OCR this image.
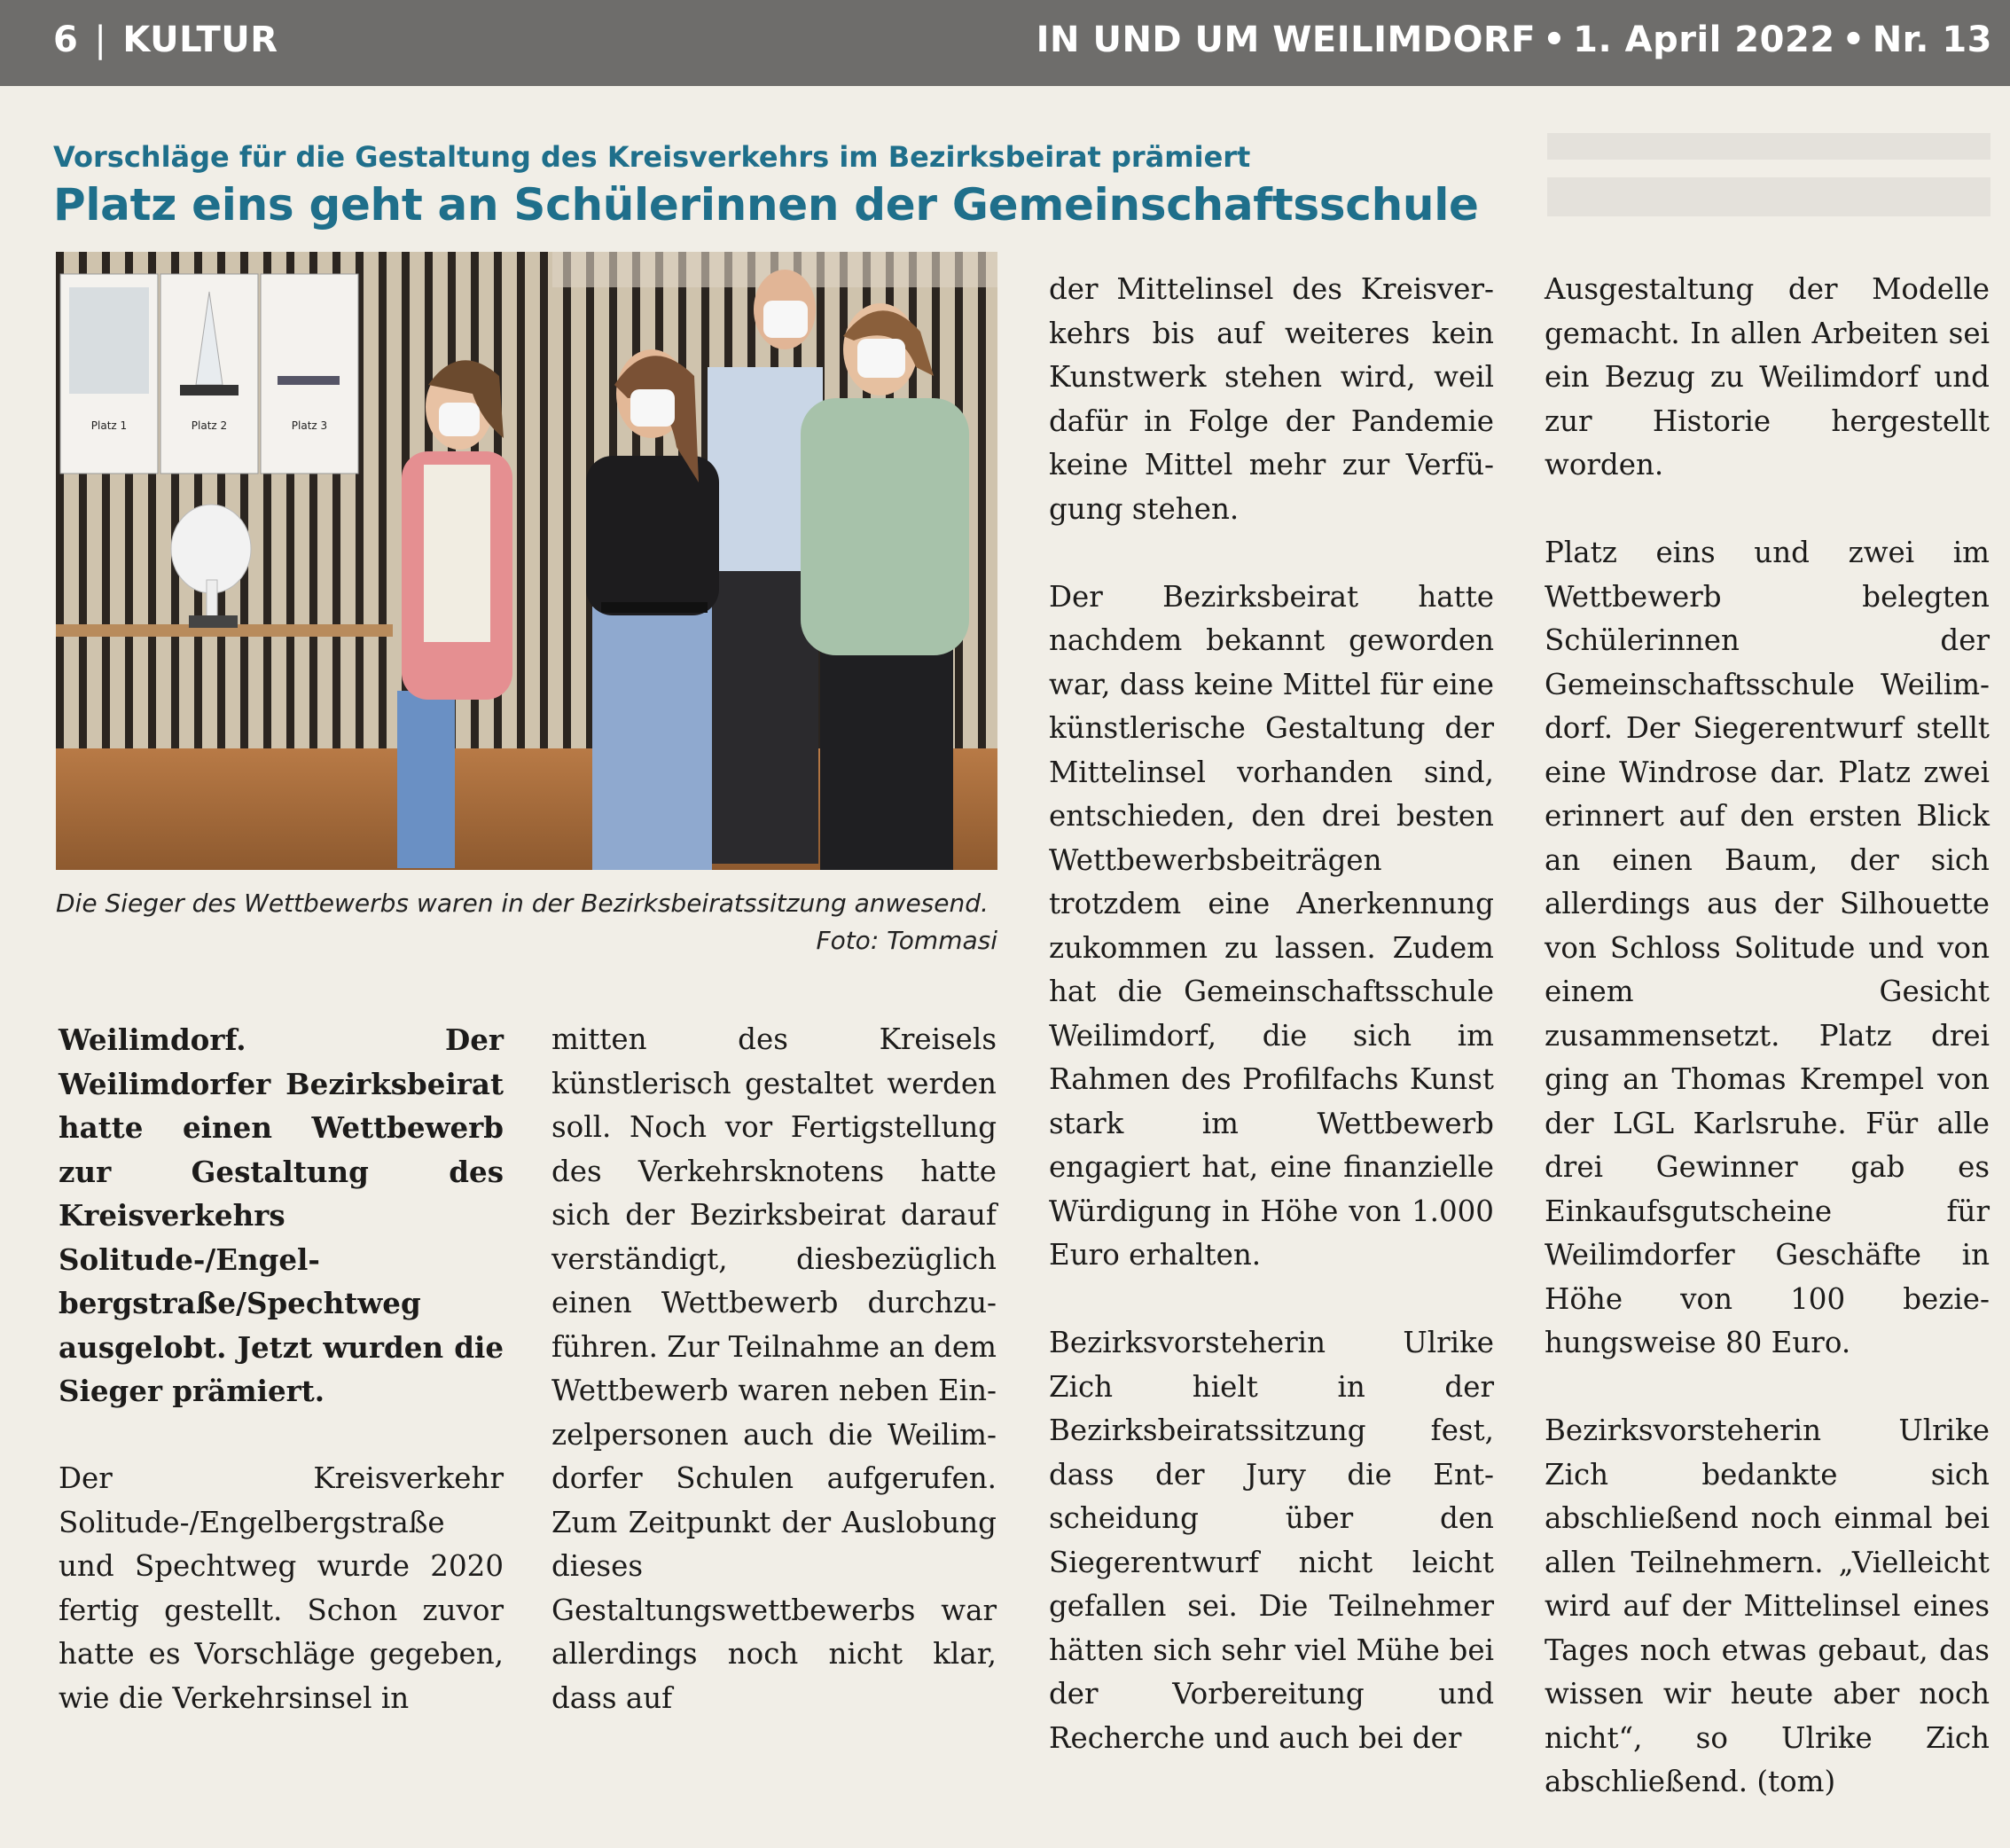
6 | KULTUR	IN UND UM WEILIMDORF • 1. April 2022 • Nr. 13
Vorschläge für die Gestaltung des Kreisverkehrs im Bezirksbeirat prämiert
Platz eins geht an Schülerinnen der Gemeinschaftsschule
Platz 1	Platz 2	Platz 3
Die Sieger des Wettbewerbs waren in der Bezirksbeiratssitzung anwesend.
Foto: Tommasi

Weilimdorf. Der Weilimdorfer Bezirksbeirat hatte einen Wettbewerb zur Gestaltung des Kreisverkehrs Solitude-/Engelbergstraße/Spechtweg ausgelobt. Jetzt wurden die Sieger prämiert.

Der Kreisverkehr Solitude-/Engelbergstraße und Spechtweg wurde 2020 fertig gestellt. Schon zuvor hatte es Vorschläge gegeben, wie die Verkehrsinsel in

mitten des Kreisels künstlerisch gestaltet werden soll. Noch vor Fertigstellung des Verkehrsknotens hatte sich der Bezirksbeirat darauf verständigt, diesbezüglich einen Wettbewerb durchzuführen. Zur Teilnahme an dem Wettbewerb waren neben Einzelpersonen auch die Weilimdorfer Schulen aufgerufen. Zum Zeitpunkt der Auslobung dieses Gestaltungswettbewerbs war allerdings noch nicht klar, dass auf

der Mittelinsel des Kreisverkehrs bis auf weiteres kein Kunstwerk stehen wird, weil dafür in Folge der Pandemie keine Mittel mehr zur Verfügung stehen.

Der Bezirksbeirat hatte nachdem bekannt geworden war, dass keine Mittel für eine künstlerische Gestaltung der Mittelinsel vorhanden sind, entschieden, den drei besten Wettbewerbsbeiträgen trotzdem eine Anerkennung zukommen zu lassen. Zudem hat die Gemeinschaftsschule Weilimdorf, die sich im Rahmen des Profilfachs Kunst stark im Wettbewerb engagiert hat, eine finanzielle Würdigung in Höhe von 1.000 Euro erhalten.

Bezirksvorsteherin Ulrike Zich hielt in der Bezirksbeiratssitzung fest, dass der Jury die Entscheidung über den Siegerentwurf nicht leicht gefallen sei. Die Teilnehmer hätten sich sehr viel Mühe bei der Vorbereitung und Recherche und auch bei der

Ausgestaltung der Modelle gemacht. In allen Arbeiten sei ein Bezug zu Weilimdorf und zur Historie hergestellt worden.

Platz eins und zwei im Wettbewerb belegten Schülerinnen der Gemeinschaftsschule Weilimdorf. Der Siegerentwurf stellt eine Windrose dar. Platz zwei erinnert auf den ersten Blick an einen Baum, der sich allerdings aus der Silhouette von Schloss Solitude und von einem Gesicht zusammensetzt. Platz drei ging an Thomas Krempel von der LGL Karlsruhe. Für alle drei Gewinner gab es Einkaufsgutscheine für Weilimdorfer Geschäfte in Höhe von 100 beziehungsweise 80 Euro.

Bezirksvorsteherin Ulrike Zich bedankte sich abschließend noch einmal bei allen Teilnehmern. „Vielleicht wird auf der Mittelinsel eines Tages noch etwas gebaut, das wissen wir heute aber noch nicht“, so Ulrike Zich abschließend. (tom)
